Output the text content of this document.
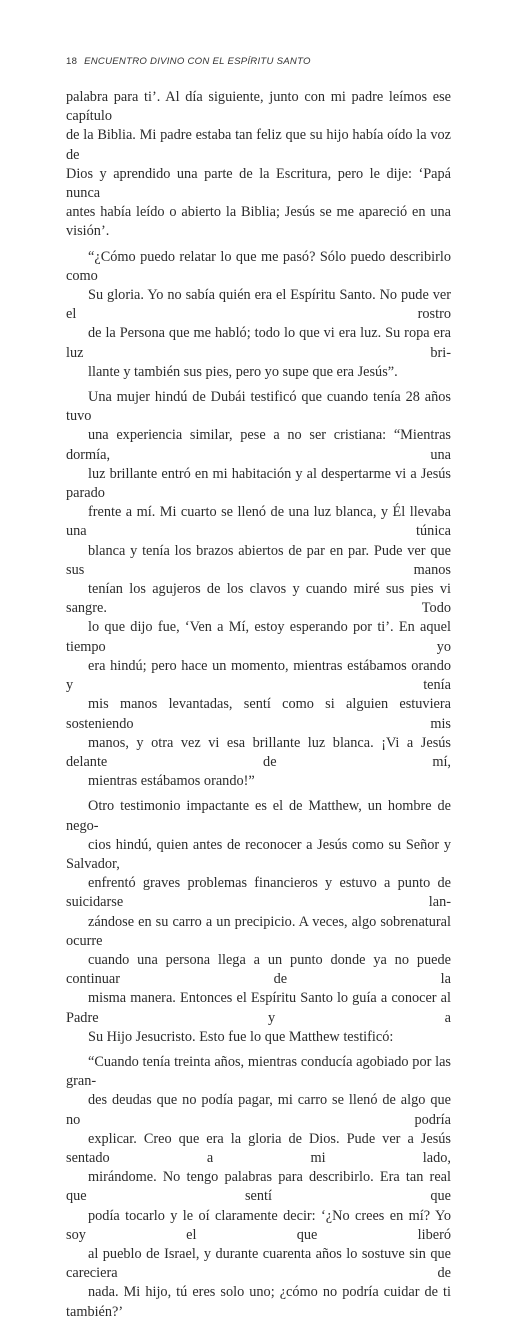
18 ENCUENTRO DIVINO CON EL ESPÍRITU SANTO

palabra para ti’. Al día siguiente, junto con mi padre leímos ese capítulo
de la Biblia. Mi padre estaba tan feliz que su hijo había oído la voz de
Dios y aprendido una parte de la Escritura, pero le dije: ‘Papá nunca
antes había leído o abierto la Biblia; Jesús se me apareció en una visión’.

“¿Cómo puedo relatar lo que me pasó? Sólo puedo describirlo como
Su gloria. Yo no sabía quién era el Espíritu Santo. No pude ver el rostro
de la Persona que me habló; todo lo que vi era luz. Su ropa era luz bri-
llante y también sus pies, pero yo supe que era Jesús”.

Una mujer hindú de Dubái testificó que cuando tenía 28 años tuvo
una experiencia similar, pese a no ser cristiana: “Mientras dormía, una
luz brillante entró en mi habitación y al despertarme vi a Jesús parado
frente a mí. Mi cuarto se llenó de una luz blanca, y Él llevaba una túnica
blanca y tenía los brazos abiertos de par en par. Pude ver que sus manos
tenían los agujeros de los clavos y cuando miré sus pies vi sangre. Todo
lo que dijo fue, ‘Ven a Mí, estoy esperando por ti’. En aquel tiempo yo
era hindú; pero hace un momento, mientras estábamos orando y tenía
mis manos levantadas, sentí como si alguien estuviera sosteniendo mis
manos, y otra vez vi esa brillante luz blanca. ¡Vi a Jesús delante de mí,
mientras estábamos orando!”

Otro testimonio impactante es el de Matthew, un hombre de nego-
cios hindú, quien antes de reconocer a Jesús como su Señor y Salvador,
enfrentó graves problemas financieros y estuvo a punto de suicidarse lan-
zándose en su carro a un precipicio. A veces, algo sobrenatural ocurre
cuando una persona llega a un punto donde ya no puede continuar de la
misma manera. Entonces el Espíritu Santo lo guía a conocer al Padre y a
Su Hijo Jesucristo. Esto fue lo que Matthew testificó:

“Cuando tenía treinta años, mientras conducía agobiado por las gran-
des deudas que no podía pagar, mi carro se llenó de algo que no podría
explicar. Creo que era la gloria de Dios. Pude ver a Jesús sentado a mi lado,
mirándome. No tengo palabras para describirlo. Era tan real que sentí que
podía tocarlo y le oí claramente decir: ‘¿No crees en mí? Yo soy el que liberó
al pueblo de Israel, y durante cuarenta años lo sostuve sin que careciera de
nada. Mi hijo, tú eres solo uno; ¿cómo no podría cuidar de ti también?’
